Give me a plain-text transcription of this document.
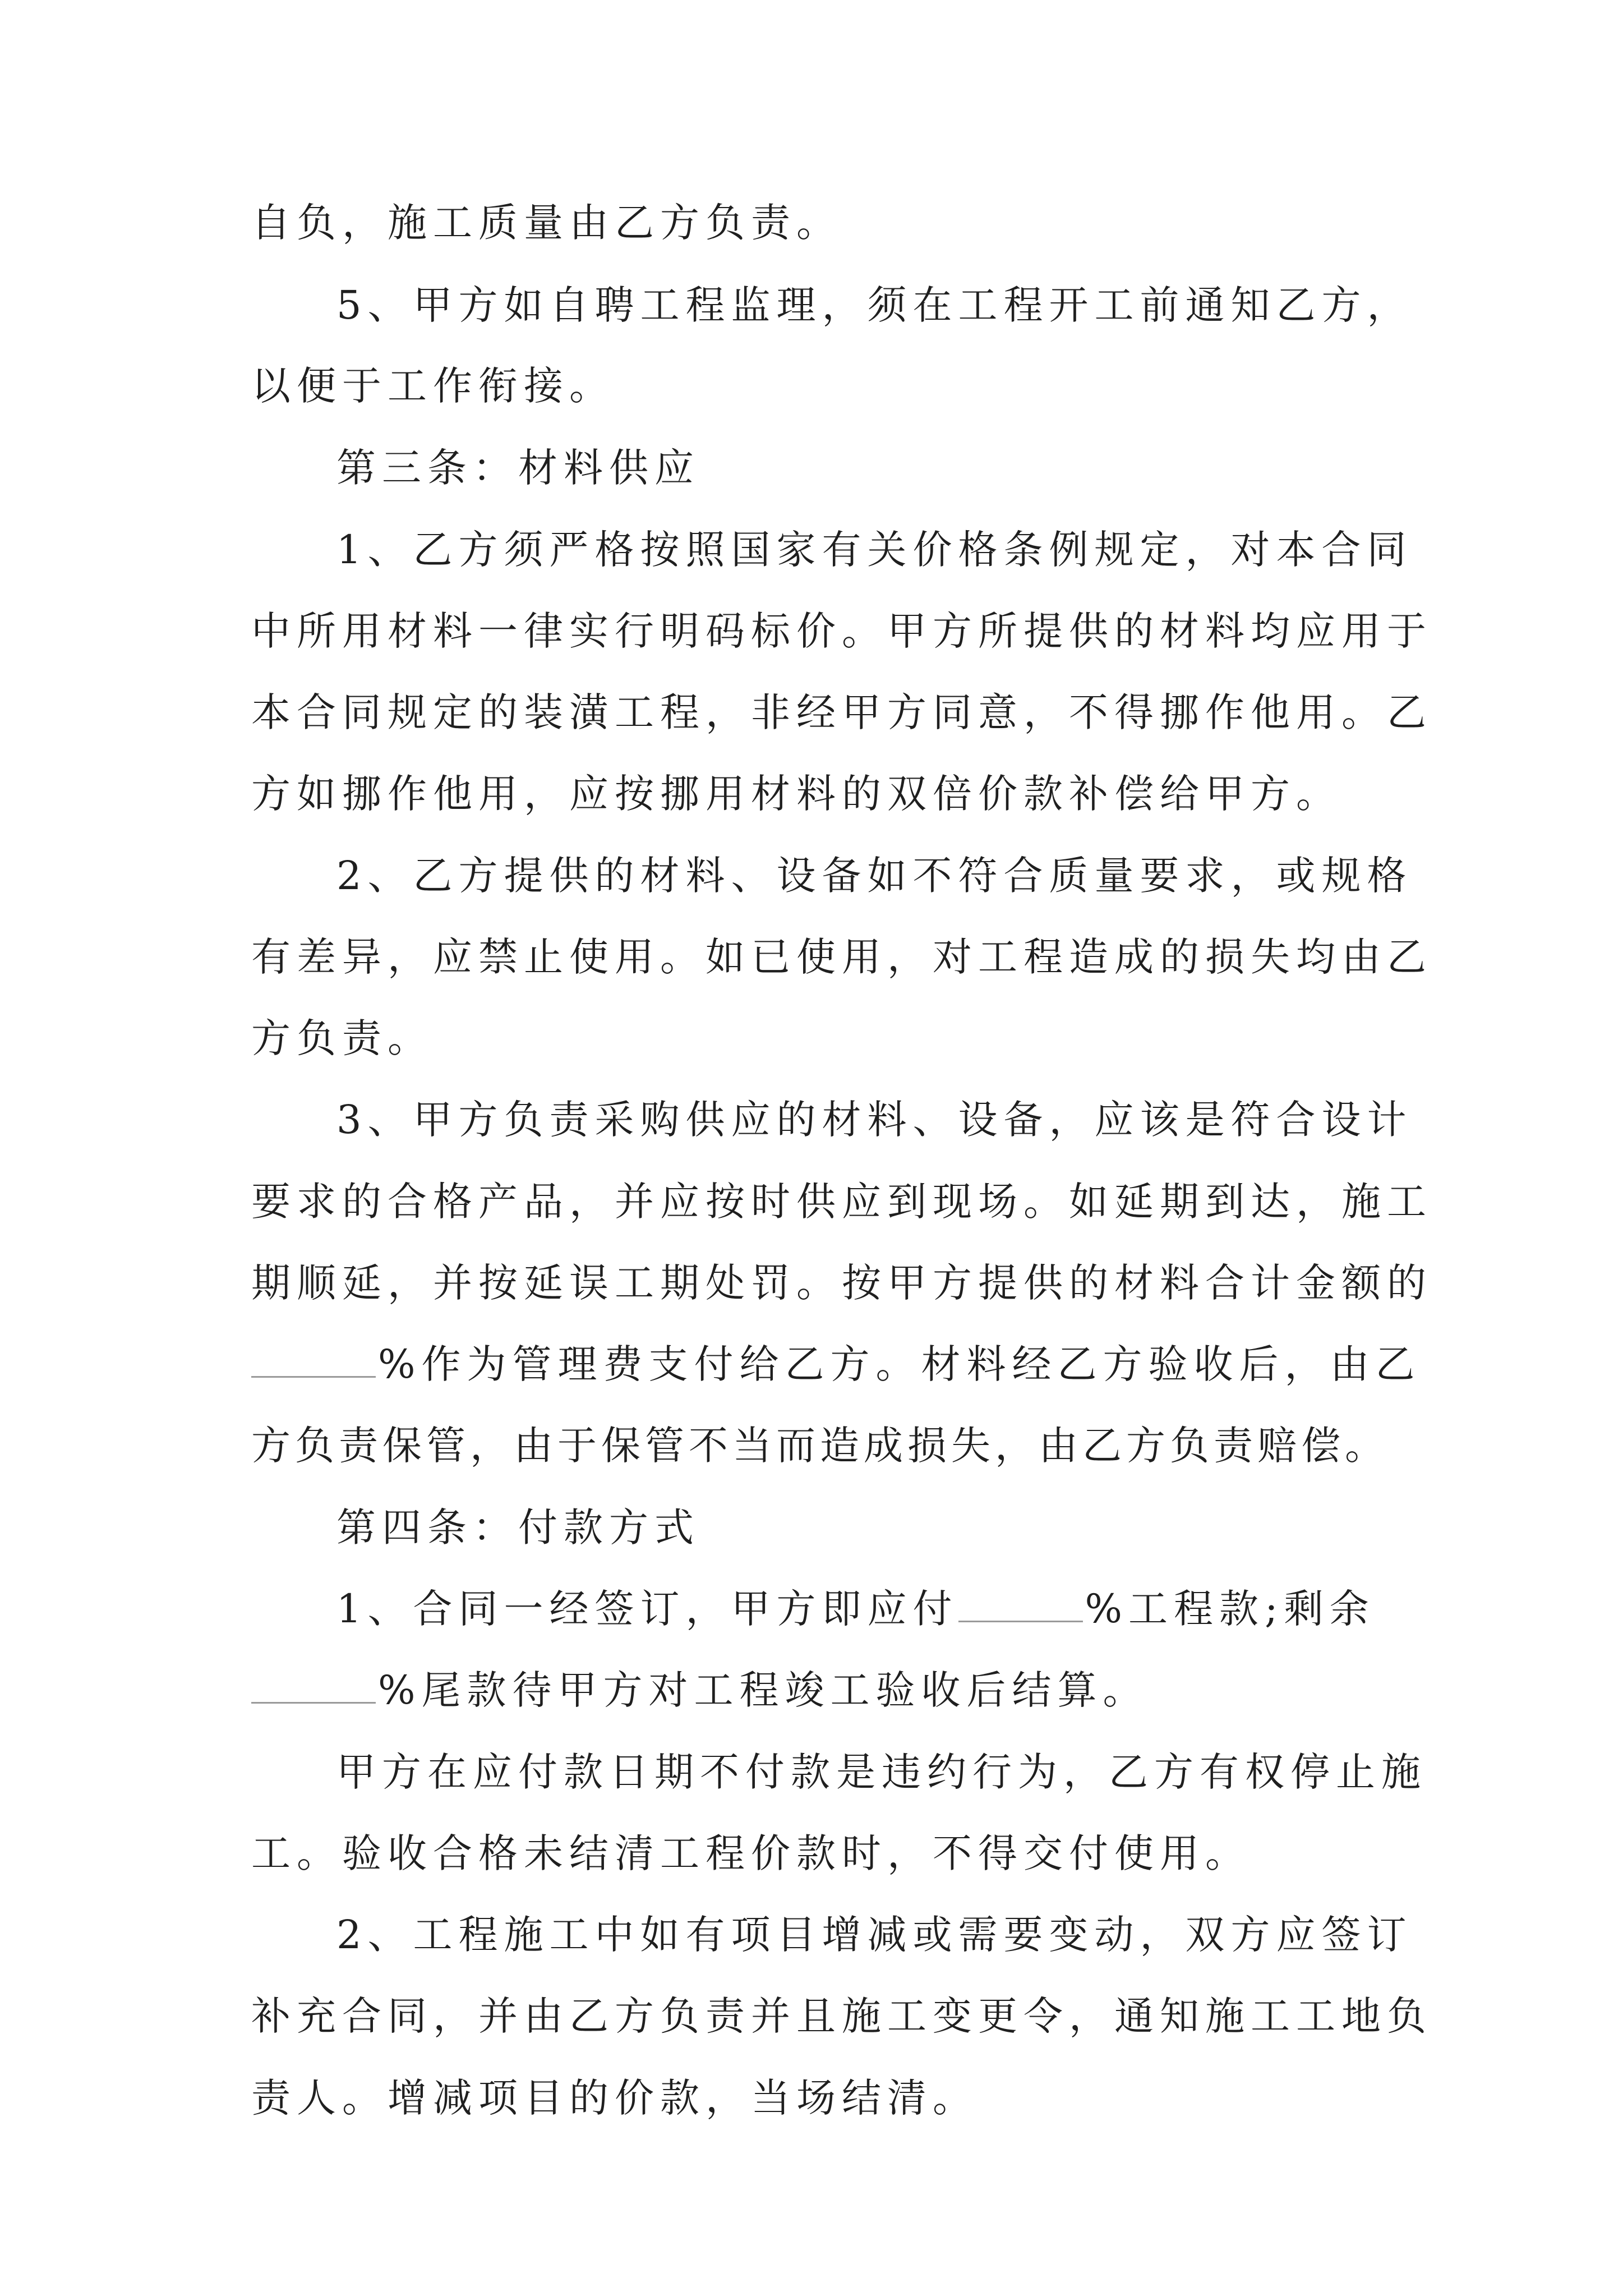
自负，施工质量由乙方负责。

5、甲方如自聘工程监理，须在工程开工前通知乙方，

以便于工作衔接。

第三条：材料供应

1、乙方须严格按照国家有关价格条例规定，对本合同

中所用材料一律实行明码标价。甲方所提供的材料均应用于

本合同规定的装潢工程，非经甲方同意，不得挪作他用。乙

方如挪作他用，应按挪用材料的双倍价款补偿给甲方。

2、乙方提供的材料、设备如不符合质量要求，或规格

有差异，应禁止使用。如已使用，对工程造成的损失均由乙

方负责。

3、甲方负责采购供应的材料、设备，应该是符合设计

要求的合格产品，并应按时供应到现场。如延期到达，施工

期顺延，并按延误工期处罚。按甲方提供的材料合计金额的

%作为管理费支付给乙方。材料经乙方验收后，由乙

方负责保管，由于保管不当而造成损失，由乙方负责赔偿。

第四条：付款方式

1、合同一经签订，甲方即应付	%工程款;剩余

%尾款待甲方对工程竣工验收后结算。

甲方在应付款日期不付款是违约行为，乙方有权停止施

工。验收合格未结清工程价款时，不得交付使用。

2、工程施工中如有项目增减或需要变动，双方应签订

补充合同，并由乙方负责并且施工变更令，通知施工工地负

责人。增减项目的价款，当场结清。
